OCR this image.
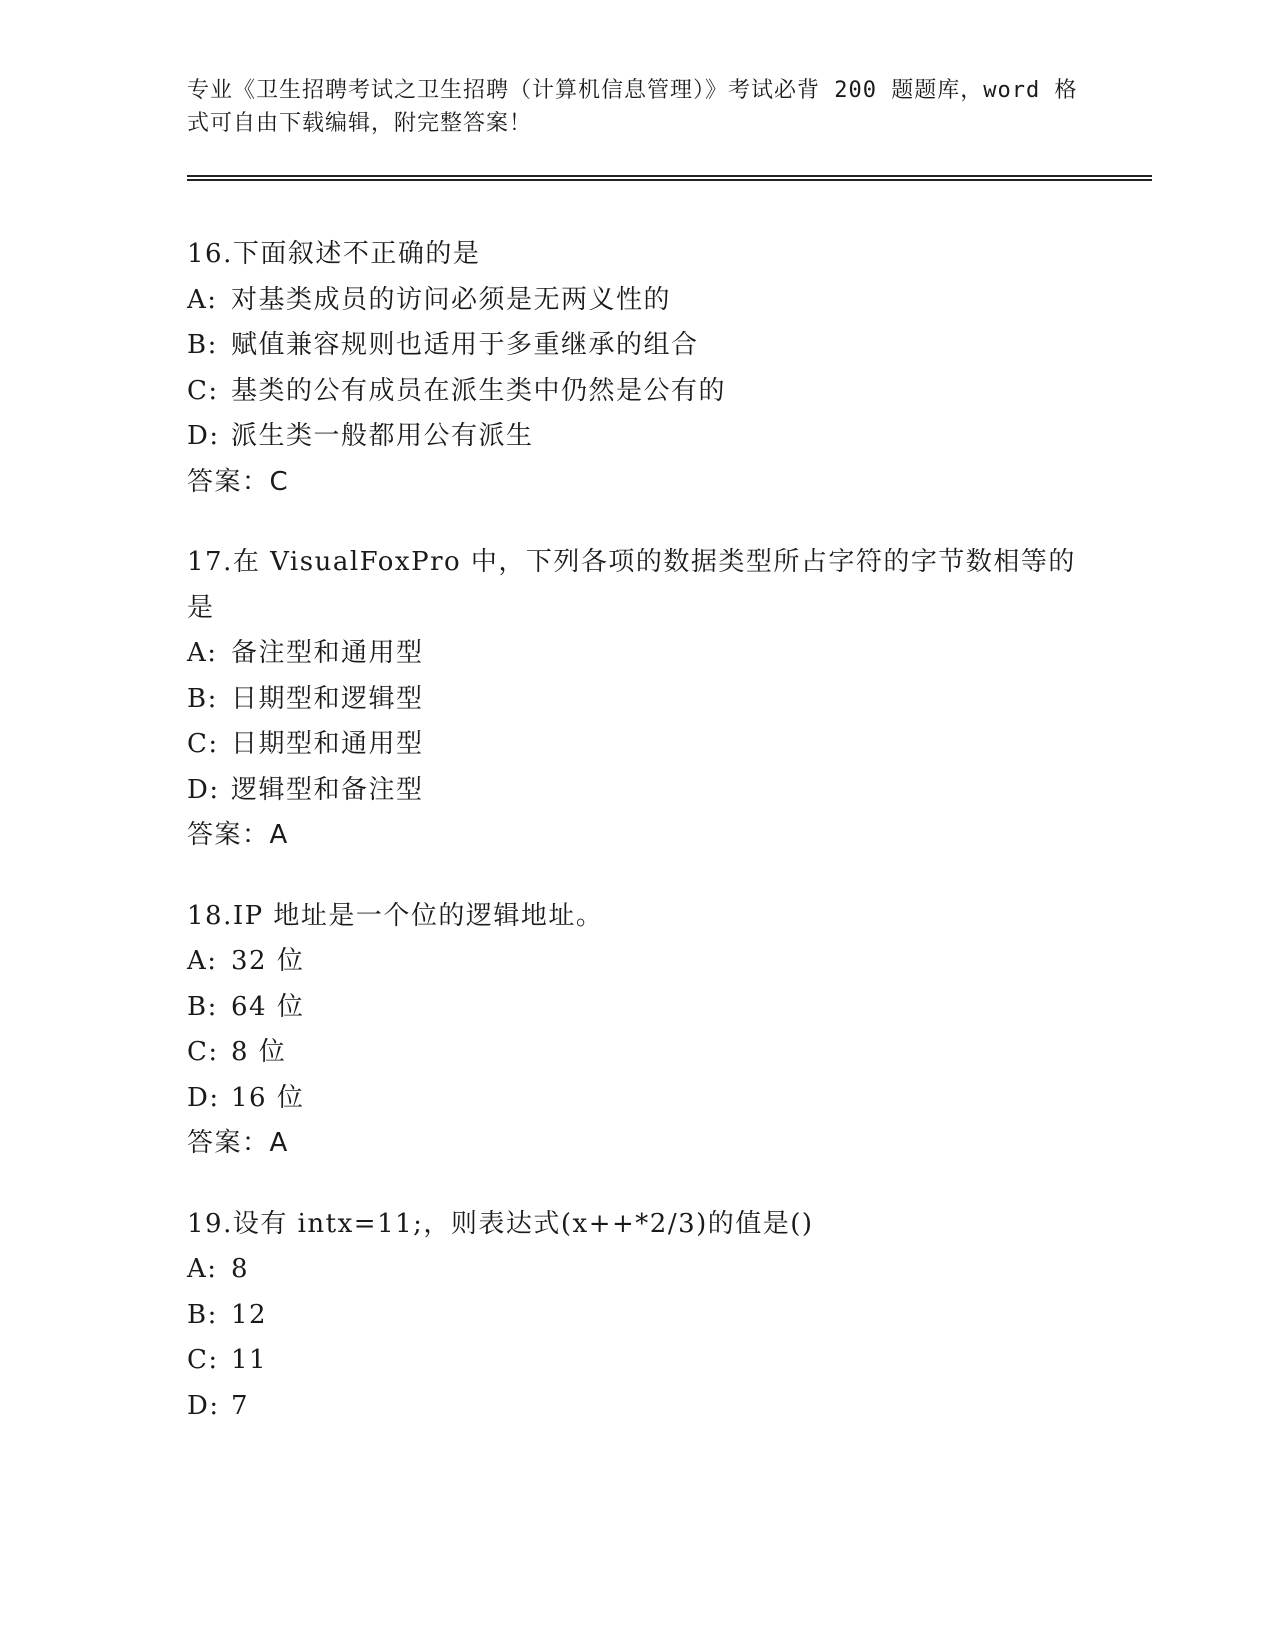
专业《卫生招聘考试之卫生招聘（计算机信息管理）》考试必背 200 题题库，word 格式可自由下载编辑，附完整答案！
16.下面叙述不正确的是
A: 对基类成员的访问必须是无两义性的
B: 赋值兼容规则也适用于多重继承的组合
C: 基类的公有成员在派生类中仍然是公有的
D: 派生类一般都用公有派生
答案：C
17.在 VisualFoxPro 中，下列各项的数据类型所占字符的字节数相等的是
A: 备注型和通用型
B: 日期型和逻辑型
C: 日期型和通用型
D: 逻辑型和备注型
答案：A
18.IP 地址是一个位的逻辑地址。
A: 32 位
B: 64 位
C: 8 位
D: 16 位
答案：A
19.设有 intx=11;，则表达式(x++*2/3)的值是()
A: 8
B: 12
C: 11
D: 7
